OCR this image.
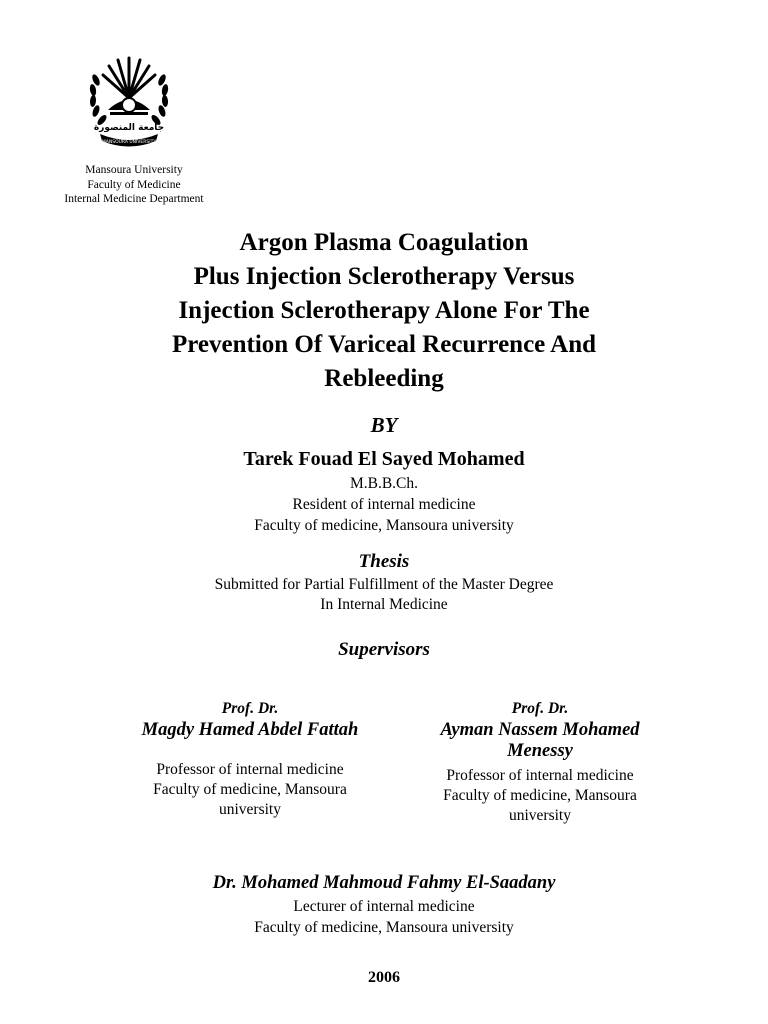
جامعة المنصورة
MANSOURA UNIVERSITY
Mansoura University
Faculty of Medicine
Internal Medicine Department
Argon Plasma Coagulation
Plus Injection Sclerotherapy Versus
Injection Sclerotherapy Alone For The
Prevention Of Variceal Recurrence And
Rebleeding
BY
Tarek Fouad El Sayed Mohamed
M.B.B.Ch.
Resident of internal medicine
Faculty of medicine, Mansoura university
Thesis
Submitted for Partial Fulfillment of the Master Degree
In Internal Medicine
Supervisors
Prof. Dr.
Magdy Hamed Abdel Fattah
Professor of internal medicine
Faculty of medicine, Mansoura
university
Prof. Dr.
Ayman Nassem Mohamed
Menessy
Professor of internal medicine
Faculty of medicine, Mansoura
university
Dr. Mohamed Mahmoud Fahmy El-Saadany
Lecturer of internal medicine
Faculty of medicine, Mansoura university
2006
